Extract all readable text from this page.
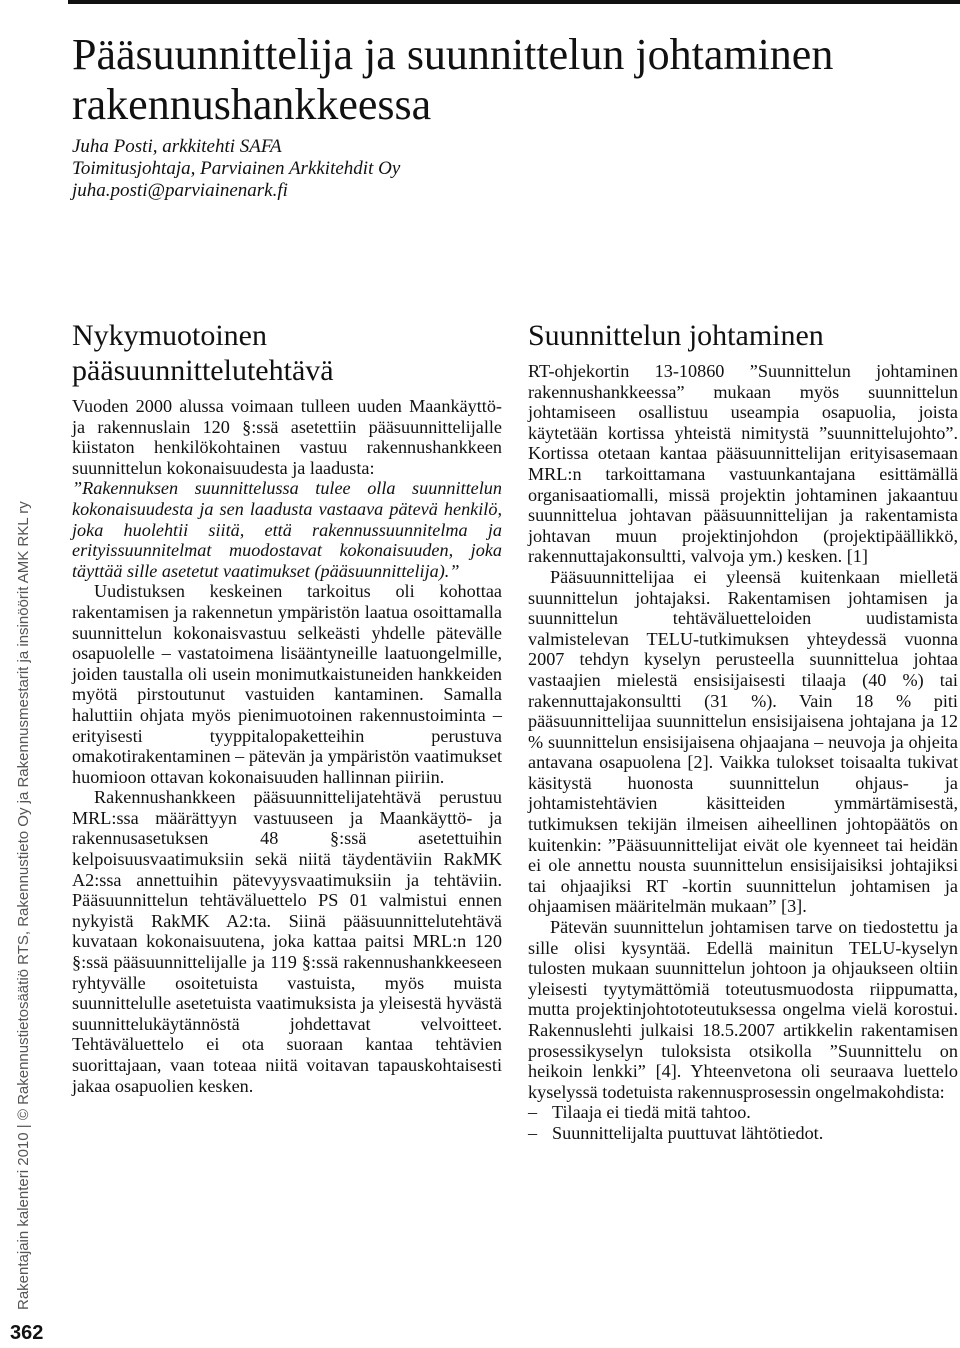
Rakentajain kalenteri 2010 | © Rakennustietosäätiö RTS, Rakennustieto Oy ja Rakennusmestarit ja insinöörit AMK RKL ry
362
Pääsuunnittelija ja suunnittelun johtaminen rakennushankkeessa
Juha Posti, arkkitehti SAFA
Toimitusjohtaja, Parviainen Arkkitehdit Oy
juha.posti@parviainenark.fi
Nykymuotoinen pääsuunnittelutehtävä

Vuoden 2000 alussa voimaan tulleen uuden Maankäyttö- ja rakennuslain 120 §:ssä asetettiin pääsuunnittelijalle kiistaton henkilökohtainen vastuu rakennushankkeen suunnittelun kokonaisuudesta ja laadusta:

”Rakennuksen suunnittelussa tulee olla suunnittelun kokonaisuudesta ja sen laadusta vastaava pätevä henkilö, joka huolehtii siitä, että rakennussuunnitelma ja erityissuunnitelmat muodostavat kokonaisuuden, joka täyttää sille asetetut vaatimukset (pääsuunnittelija).”

Uudistuksen keskeinen tarkoitus oli kohottaa rakentamisen ja rakennetun ympäristön laatua osoittamalla suunnittelun kokonaisvastuu selkeästi yhdelle pätevälle osapuolelle – vastatoimena lisääntyneille laatuongelmille, joiden taustalla oli usein monimutkaistuneiden hankkeiden myötä pirstoutunut vastuiden kantaminen. Samalla haluttiin ohjata myös pienimuotoinen rakennustoiminta – erityisesti tyyppitalopaketteihin perustuva omakotirakentaminen – pätevän ja ympäristön vaatimukset huomioon ottavan kokonaisuuden hallinnan piiriin.

Rakennushankkeen pääsuunnittelijatehtävä perustuu MRL:ssa määrättyyn vastuuseen ja Maankäyttö- ja rakennusasetuksen 48 §:ssä asetettuihin kelpoisuusvaatimuksiin sekä niitä täydentäviin RakMK A2:ssa annettuihin pätevyysvaatimuksiin ja tehtäviin. Pääsuunnittelun tehtäväluettelo PS 01 valmistui ennen nykyistä RakMK A2:ta. Siinä pääsuunnittelutehtävä kuvataan kokonaisuutena, joka kattaa paitsi MRL:n 120 §:ssä pääsuunnittelijalle ja 119 §:ssä rakennushankkeeseen ryhtyvälle osoitetuista vastuista, myös muista suunnittelulle asetetuista vaatimuksista ja yleisestä hyvästä suunnittelukäytännöstä johdettavat velvoitteet. Tehtäväluettelo ei ota suoraan kantaa tehtävien suorittajaan, vaan toteaa niitä voitavan tapauskohtaisesti jakaa osapuolien kesken.

Suunnittelun johtaminen

RT-ohjekortin 13-10860 ”Suunnittelun johtaminen rakennushankkeessa” mukaan myös suunnittelun johtamiseen osallistuu useampia osapuolia, joista käytetään kortissa yhteistä nimitystä ”suunnittelujohto”. Kortissa otetaan kantaa pääsuunnittelijan erityisasemaan MRL:n tarkoittamana vastuunkantajana esittämällä organisaatiomalli, missä projektin johtaminen jakaantuu suunnittelua johtavan pääsuunnittelijan ja rakentamista johtavan muun projektinjohdon (projektipäällikkö, rakennuttajakonsultti, valvoja ym.) kesken. [1]

Pääsuunnittelijaa ei yleensä kuitenkaan mielletä suunnittelun johtajaksi. Rakentamisen johtamisen ja suunnittelun tehtäväluetteloiden uudistamista valmistelevan TELU-tutkimuksen yhteydessä vuonna 2007 tehdyn kyselyn perusteella suunnittelua johtaa vastaajien mielestä ensisijaisesti tilaaja (40 %) tai rakennuttajakonsultti (31 %). Vain 18 % piti pääsuunnittelijaa suunnittelun ensisijaisena johtajana ja 12 % suunnittelun ensisijaisena ohjaajana – neuvoja ja ohjeita antavana osapuolena [2]. Vaikka tulokset toisaalta tukivat käsitystä huonosta suunnittelun ohjaus- ja johtamistehtävien käsitteiden ymmärtämisestä, tutkimuksen tekijän ilmeisen aiheellinen johtopäätös on kuitenkin: ”Pääsuunnittelijat eivät ole kyenneet tai heidän ei ole annettu nousta suunnittelun ensisijaisiksi johtajiksi tai ohjaajiksi RT -kortin suunnittelun johtamisen ja ohjaamisen määritelmän mukaan” [3].

Pätevän suunnittelun johtamisen tarve on tiedostettu ja sille olisi kysyntää. Edellä mainitun TELU-kyselyn tulosten mukaan suunnittelun johtoon ja ohjaukseen oltiin yleisesti tyytymättömiä toteutusmuodosta riippumatta, mutta projektinjohtototeutuksessa ongelma vielä korostui. Rakennuslehti julkaisi 18.5.2007 artikkelin rakentamisen prosessikyselyn tuloksista otsikolla ”Suunnittelu on heikoin lenkki” [4]. Yhteenvetona oli seuraava luettelo kyselyssä todetuista rakennusprosessin ongelmakohdista:

– Tilaaja ei tiedä mitä tahtoo.
– Suunnittelijalta puuttuvat lähtötiedot.
